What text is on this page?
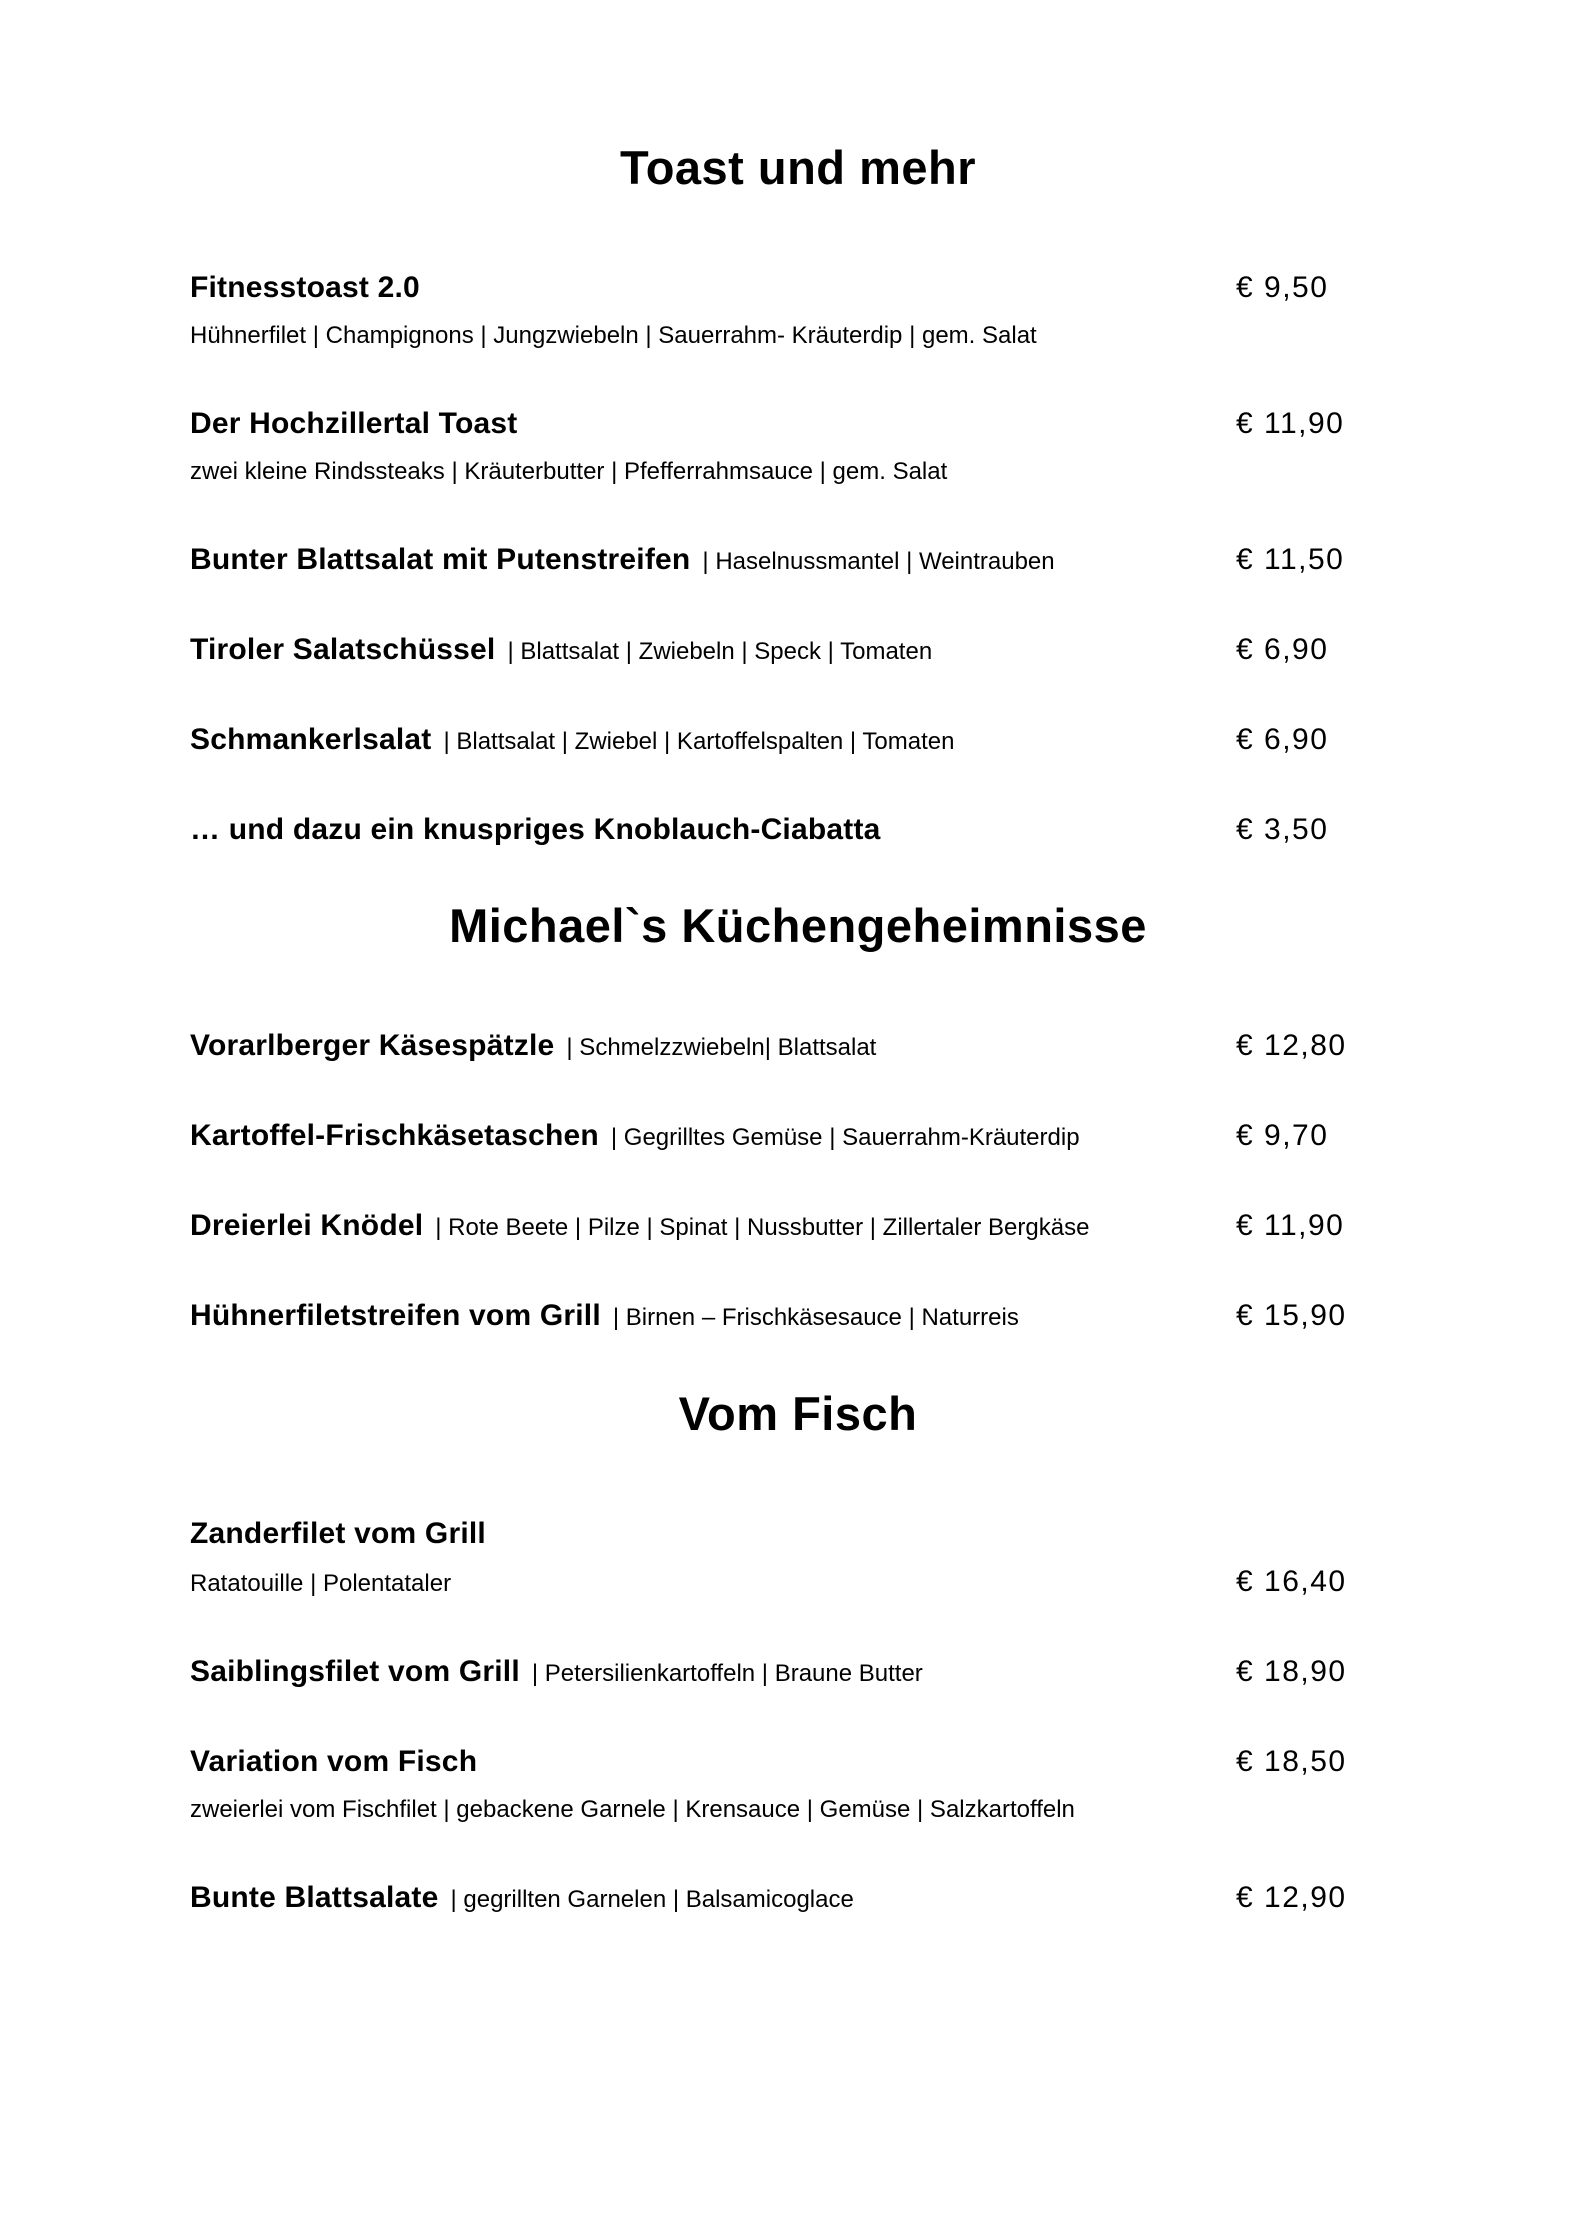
Toast und mehr
Fitnesstoast 2.0	€ 9,50
Hühnerfilet | Champignons | Jungzwiebeln | Sauerrahm- Kräuterdip | gem. Salat
Der Hochzillertal Toast	€ 11,90
zwei kleine Rindssteaks | Kräuterbutter | Pfefferrahmsauce | gem. Salat
Bunter Blattsalat mit Putenstreifen | Haselnussmantel | Weintrauben	€ 11,50
Tiroler Salatschüssel | Blattsalat | Zwiebeln | Speck | Tomaten	€ 6,90
Schmankerlsalat | Blattsalat | Zwiebel | Kartoffelspalten | Tomaten	€ 6,90
… und dazu ein knuspriges Knoblauch-Ciabatta	€ 3,50
Michael`s Küchengeheimnisse
Vorarlberger Käsespätzle | Schmelzzwiebeln| Blattsalat	€ 12,80
Kartoffel-Frischkäsetaschen | Gegrilltes Gemüse | Sauerrahm-Kräuterdip	€ 9,70
Dreierlei Knödel | Rote Beete | Pilze | Spinat | Nussbutter | Zillertaler Bergkäse	€ 11,90
Hühnerfiletstreifen vom Grill | Birnen – Frischkäsesauce | Naturreis	€ 15,90
Vom Fisch
Zanderfilet vom Grill
Ratatouille | Polentataler	€ 16,40
Saiblingsfilet vom Grill | Petersilienkartoffeln | Braune Butter	€ 18,90
Variation vom Fisch	€ 18,50
zweierlei vom Fischfilet | gebackene Garnele | Krensauce | Gemüse | Salzkartoffeln
Bunte Blattsalate | gegrillten Garnelen | Balsamicoglace	€ 12,90
